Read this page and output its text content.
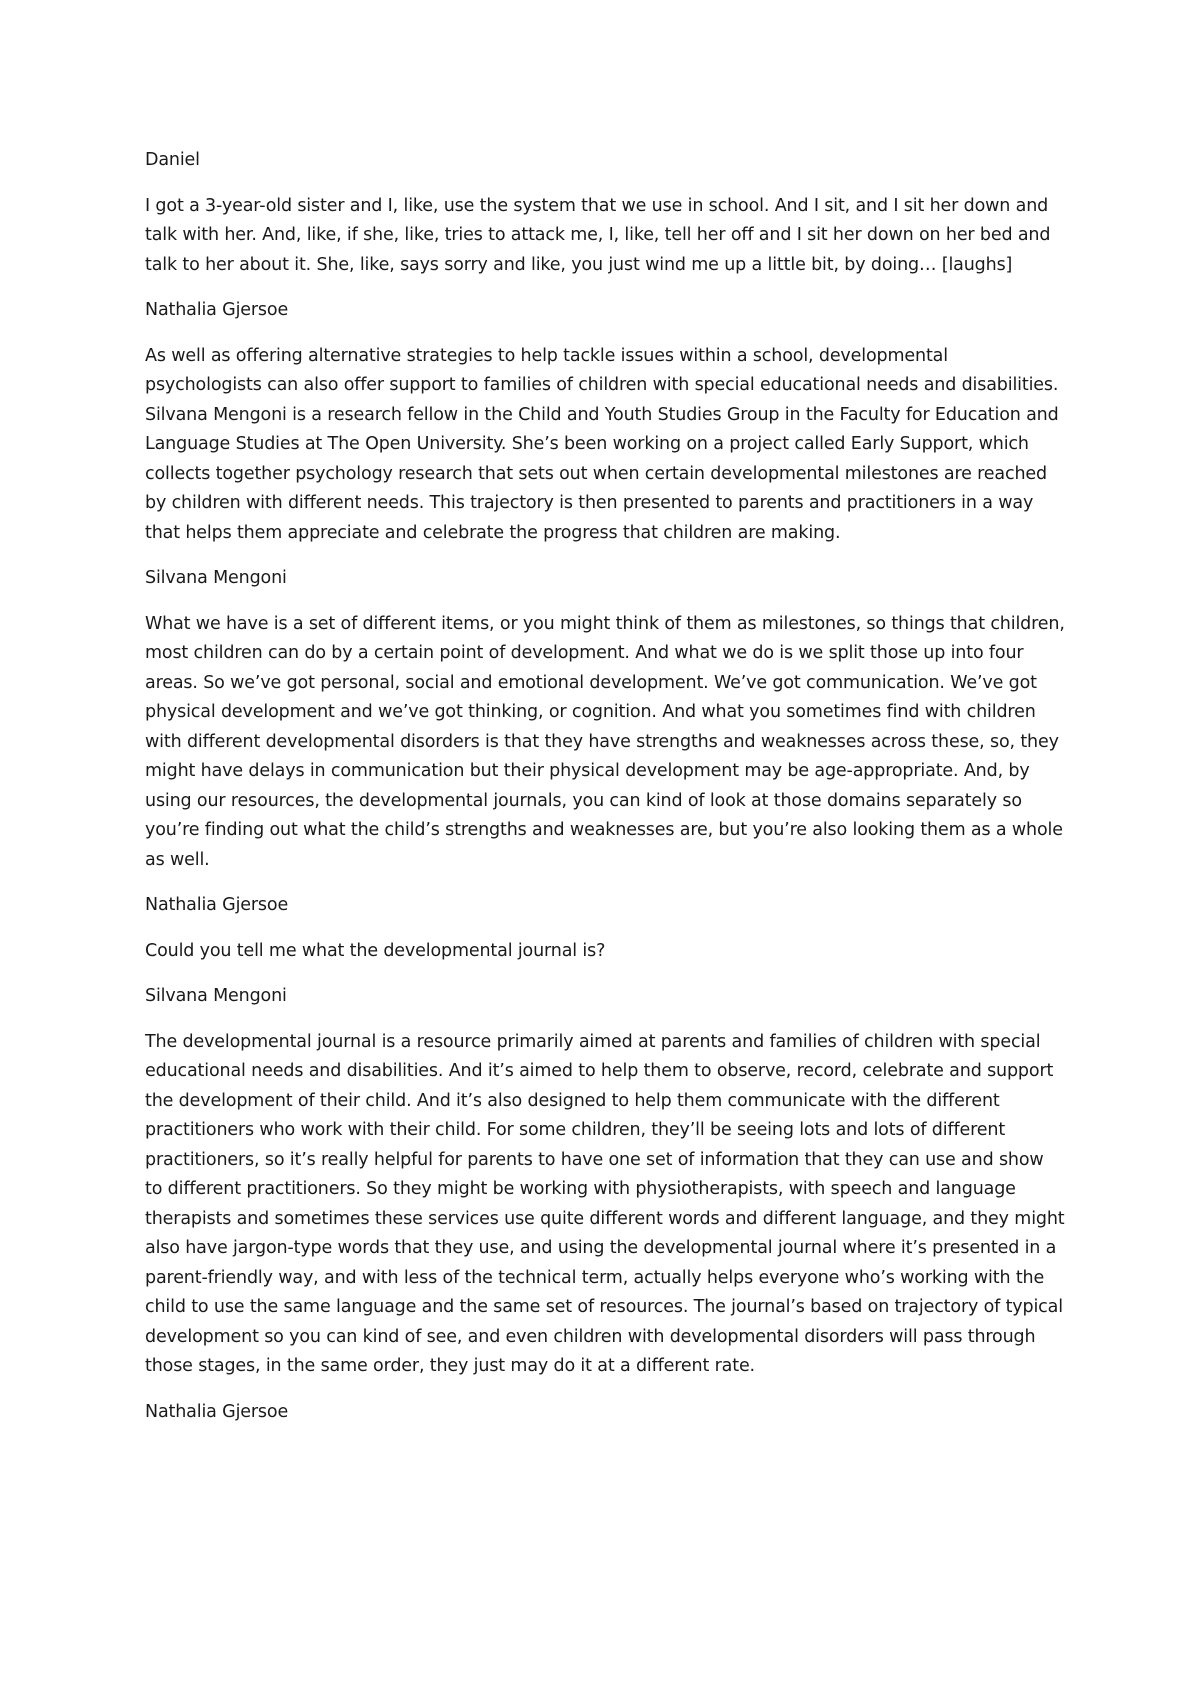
Daniel

I got a 3-year-old sister and I, like, use the system that we use in school. And I sit, and I sit her down and talk with her. And, like, if she, like, tries to attack me, I, like, tell her off and I sit her down on her bed and talk to her about it. She, like, says sorry and like, you just wind me up a little bit, by doing… [laughs]

Nathalia Gjersoe

As well as offering alternative strategies to help tackle issues within a school, developmental psychologists can also offer support to families of children with special educational needs and disabilities. Silvana Mengoni is a research fellow in the Child and Youth Studies Group in the Faculty for Education and Language Studies at The Open University. She’s been working on a project called Early Support, which collects together psychology research that sets out when certain developmental milestones are reached by children with different needs. This trajectory is then presented to parents and practitioners in a way that helps them appreciate and celebrate the progress that children are making.

Silvana Mengoni

What we have is a set of different items, or you might think of them as milestones, so things that children, most children can do by a certain point of development. And what we do is we split those up into four areas. So we’ve got personal, social and emotional development. We’ve got communication. We’ve got physical development and we’ve got thinking, or cognition. And what you sometimes find with children with different developmental disorders is that they have strengths and weaknesses across these, so, they might have delays in communication but their physical development may be age-appropriate. And, by using our resources, the developmental journals, you can kind of look at those domains separately so you’re finding out what the child’s strengths and weaknesses are, but you’re also looking them as a whole as well.

Nathalia Gjersoe

Could you tell me what the developmental journal is?

Silvana Mengoni

The developmental journal is a resource primarily aimed at parents and families of children with special educational needs and disabilities. And it’s aimed to help them to observe, record, celebrate and support the development of their child. And it’s also designed to help them communicate with the different practitioners who work with their child. For some children, they’ll be seeing lots and lots of different practitioners, so it’s really helpful for parents to have one set of information that they can use and show to different practitioners. So they might be working with physiotherapists, with speech and language therapists and sometimes these services use quite different words and different language, and they might also have jargon-type words that they use, and using the developmental journal where it’s presented in a parent-friendly way, and with less of the technical term, actually helps everyone who’s working with the child to use the same language and the same set of resources. The journal’s based on trajectory of typical development so you can kind of see, and even children with developmental disorders will pass through those stages, in the same order, they just may do it at a different rate.

Nathalia Gjersoe
